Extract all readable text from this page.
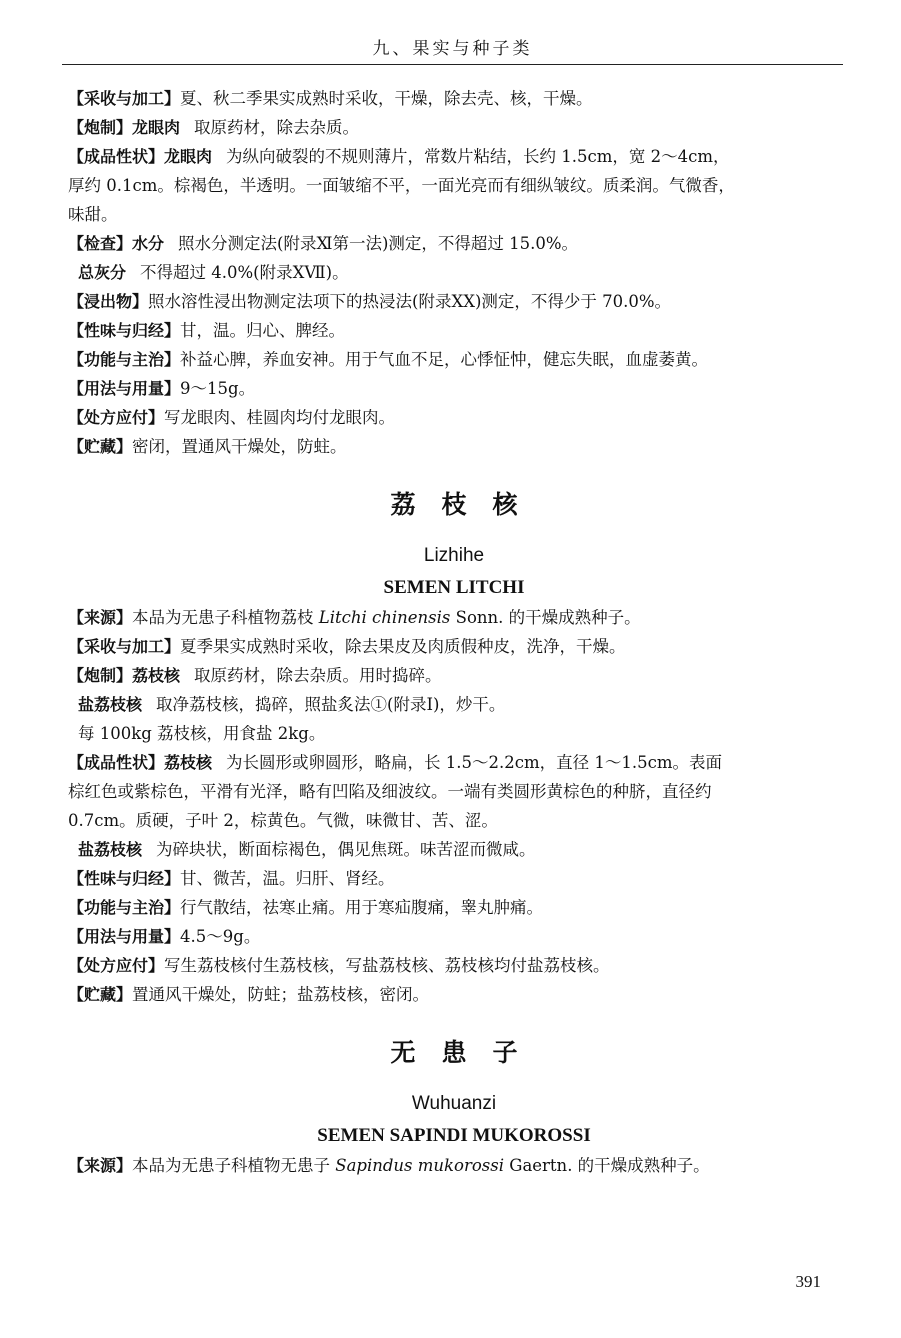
九、果实与种子类

【采收与加工】夏、秋二季果实成熟时采收，干燥，除去壳、核，干燥。

【炮制】龙眼肉 取原药材，除去杂质。

【成品性状】龙眼肉 为纵向破裂的不规则薄片，常数片粘结，长约 1.5cm，宽 2～4cm，
厚约 0.1cm。棕褐色，半透明。一面皱缩不平，一面光亮而有细纵皱纹。质柔润。气微香，
味甜。

【检查】水分 照水分测定法(附录Ⅺ第一法)测定，不得超过 15.0%。

总灰分 不得超过 4.0%(附录XⅦ)。

【浸出物】照水溶性浸出物测定法项下的热浸法(附录XX)测定，不得少于 70.0%。

【性味与归经】甘，温。归心、脾经。

【功能与主治】补益心脾，养血安神。用于气血不足，心悸怔忡，健忘失眠，血虚萎黄。

【用法与用量】9～15g。

【处方应付】写龙眼肉、桂圆肉均付龙眼肉。

【贮藏】密闭，置通风干燥处，防蛀。

荔枝核

Lizhihe

SEMEN LITCHI

【来源】本品为无患子科植物荔枝 Litchi chinensis Sonn. 的干燥成熟种子。

【采收与加工】夏季果实成熟时采收，除去果皮及肉质假种皮，洗净，干燥。

【炮制】荔枝核 取原药材，除去杂质。用时捣碎。

盐荔枝核 取净荔枝核，捣碎，照盐炙法①(附录Ⅰ)，炒干。

每 100kg 荔枝核，用食盐 2kg。

【成品性状】荔枝核 为长圆形或卵圆形，略扁，长 1.5～2.2cm，直径 1～1.5cm。表面
棕红色或紫棕色，平滑有光泽，略有凹陷及细波纹。一端有类圆形黄棕色的种脐，直径约
0.7cm。质硬，子叶 2，棕黄色。气微，味微甘、苦、涩。

盐荔枝核 为碎块状，断面棕褐色，偶见焦斑。味苦涩而微咸。

【性味与归经】甘、微苦，温。归肝、肾经。

【功能与主治】行气散结，祛寒止痛。用于寒疝腹痛，睾丸肿痛。

【用法与用量】4.5～9g。

【处方应付】写生荔枝核付生荔枝核，写盐荔枝核、荔枝核均付盐荔枝核。

【贮藏】置通风干燥处，防蛀；盐荔枝核，密闭。

无患子

Wuhuanzi

SEMEN SAPINDI MUKOROSSI

【来源】本品为无患子科植物无患子 Sapindus mukorossi Gaertn. 的干燥成熟种子。

391
